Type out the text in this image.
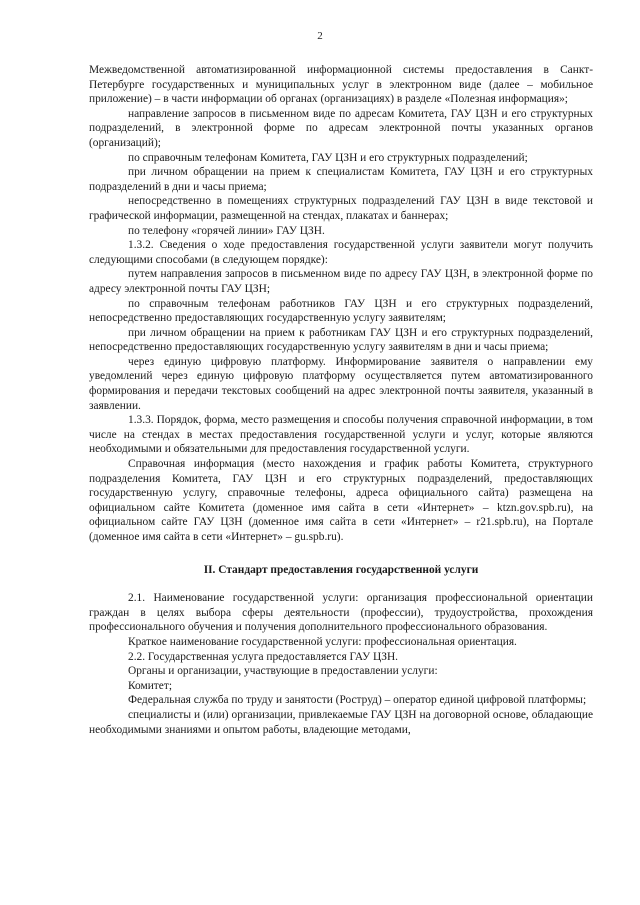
2

Межведомственной автоматизированной информационной системы предоставления в Санкт-Петербурге государственных и муниципальных услуг в электронном виде (далее – мобильное приложение) – в части информации об органах (организациях) в разделе «Полезная информация»;

направление запросов в письменном виде по адресам Комитета, ГАУ ЦЗН и его структурных подразделений, в электронной форме по адресам электронной почты указанных органов (организаций);

по справочным телефонам Комитета, ГАУ ЦЗН и его структурных подразделений;

при личном обращении на прием к специалистам Комитета, ГАУ ЦЗН и его структурных подразделений в дни и часы приема;

непосредственно в помещениях структурных подразделений ГАУ ЦЗН в виде текстовой и графической информации, размещенной на стендах, плакатах и баннерах;

по телефону «горячей линии» ГАУ ЦЗН.

1.3.2. Сведения о ходе предоставления государственной услуги заявители могут получить следующими способами (в следующем порядке):

путем направления запросов в письменном виде по адресу ГАУ ЦЗН, в электронной форме по адресу электронной почты ГАУ ЦЗН;

по справочным телефонам работников ГАУ ЦЗН и его структурных подразделений, непосредственно предоставляющих государственную услугу заявителям;

при личном обращении на прием к работникам ГАУ ЦЗН и его структурных подразделений, непосредственно предоставляющих государственную услугу заявителям в дни и часы приема;

через единую цифровую платформу. Информирование заявителя о направлении ему уведомлений через единую цифровую платформу осуществляется путем автоматизированного формирования и передачи текстовых сообщений на адрес электронной почты заявителя, указанный в заявлении.

1.3.3. Порядок, форма, место размещения и способы получения справочной информации, в том числе на стендах в местах предоставления государственной услуги и услуг, которые являются необходимыми и обязательными для предоставления государственной услуги.

Справочная информация (место нахождения и график работы Комитета, структурного подразделения Комитета, ГАУ ЦЗН и его структурных подразделений, предоставляющих государственную услугу, справочные телефоны, адреса официального сайта) размещена на официальном сайте Комитета (доменное имя сайта в сети «Интернет» – ktzn.gov.spb.ru), на официальном сайте ГАУ ЦЗН (доменное имя сайта в сети «Интернет» – r21.spb.ru), на Портале (доменное имя сайта в сети «Интернет» – gu.spb.ru).

II. Стандарт предоставления государственной услуги

2.1. Наименование государственной услуги: организация профессиональной ориентации граждан в целях выбора сферы деятельности (профессии), трудоустройства, прохождения профессионального обучения и получения дополнительного профессионального образования.

Краткое наименование государственной услуги: профессиональная ориентация.

2.2. Государственная услуга предоставляется ГАУ ЦЗН.

Органы и организации, участвующие в предоставлении услуги:

Комитет;

Федеральная служба по труду и занятости (Роструд) – оператор единой цифровой платформы;

специалисты и (или) организации, привлекаемые ГАУ ЦЗН на договорной основе, обладающие необходимыми знаниями и опытом работы, владеющие методами,
